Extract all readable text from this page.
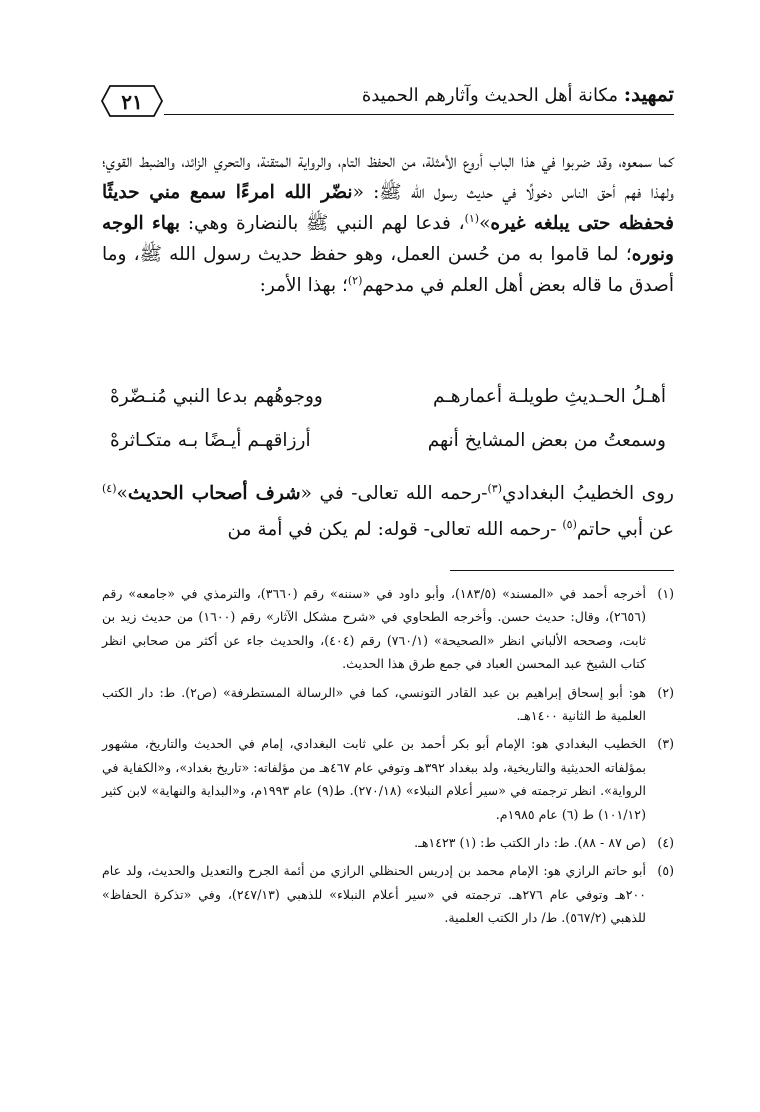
٢١	تمهيد: مكانة أهل الحديث وآثارهم الحميدة

كما سمعوه، وقد ضربوا في هذا الباب أروع الأمثلة، من الحفظ التام، والرواية المتقنة، والتحري الزائد، والضبط القوي؛ ولهذا فهم أحق الناس دخولًا في حديث رسول الله ﷺ: «نضّر الله امرءًا سمع مني حديثًا فحفظه حتى يبلغه غيره»$^{(١)}$، فدعا لهم النبي ﷺ بالنضارة وهي: بهاء الوجه ونوره؛ لما قاموا به من حُسن العمل، وهو حفظ حديث رسول الله ﷺ، وما أصدق ما قاله بعض أهل العلم في مدحهم$^{(٢)}$؛ بهذا الأمر:

أهـلُ الحـديثِ طويلـة أعمارهـم
ووجوهُهم بدعا النبي مُنـضّرهْ
وسمعتُ من بعض المشايخ أنهم
أرزاقهـم أيـضًا بـه متكـاثرهْ
روى الخطيبُ البغدادي$^{(٣)}$-رحمه الله تعالى- في «شرف أصحاب الحديث»$^{(٤)}$ عن أبي حاتم$^{(٥)}$ -رحمه الله تعالى- قوله: لم يكن في أمة من
(١)
أخرجه أحمد في «المسند» (١٨٣/٥)، وأبو داود في «سننه» رقم (٣٦٦٠)، والترمذي في «جامعه» رقم (٢٦٥٦)، وقال: حديث حسن. وأخرجه الطحاوي في «شرح مشكل الآثار» رقم (١٦٠٠) من حديث زيد بن ثابت، وصححه الألباني انظر «الصحيحة» (٧٦٠/١) رقم (٤٠٤)، والحديث جاء عن أكثر من صحابي انظر كتاب الشيخ عبد المحسن العباد في جمع طرق هذا الحديث.
(٢)
هو: أبو إسحاق إبراهيم بن عبد القادر التونسي، كما في «الرسالة المستطرفة» (ص٢). ط: دار الكتب العلمية ط الثانية ١٤٠٠هـ.
(٣)
الخطيب البغدادي هو: الإمام أبو بكر أحمد بن علي ثابت البغدادي، إمام في الحديث والتاريخ، مشهور بمؤلفاته الحديثية والتاريخية، ولد ببغداد ٣٩٢هـ وتوفي عام ٤٦٧هـ من مؤلفاته: «تاريخ بغداد»، و«الكفاية في الرواية». انظر ترجمته في «سير أعلام النبلاء» (٢٧٠/١٨). ط(٩) عام ١٩٩٣م، و«البداية والنهاية» لابن كثير (١٠١/١٢) ط (٦) عام ١٩٨٥م.
(٤)
(ص ٨٧ - ٨٨). ط: دار الكتب ط: (١) ١٤٢٣هـ.
(٥)
أبو حاتم الرازي هو: الإمام محمد بن إدريس الحنظلي الرازي من أئمة الجرح والتعديل والحديث، ولد عام ٢٠٠هـ وتوفي عام ٢٧٦هـ. ترجمته في «سير أعلام النبلاء» للذهبي (٢٤٧/١٣)، وفي «تذكرة الحفاظ» للذهبي (٥٦٧/٢). ط/ دار الكتب العلمية.
